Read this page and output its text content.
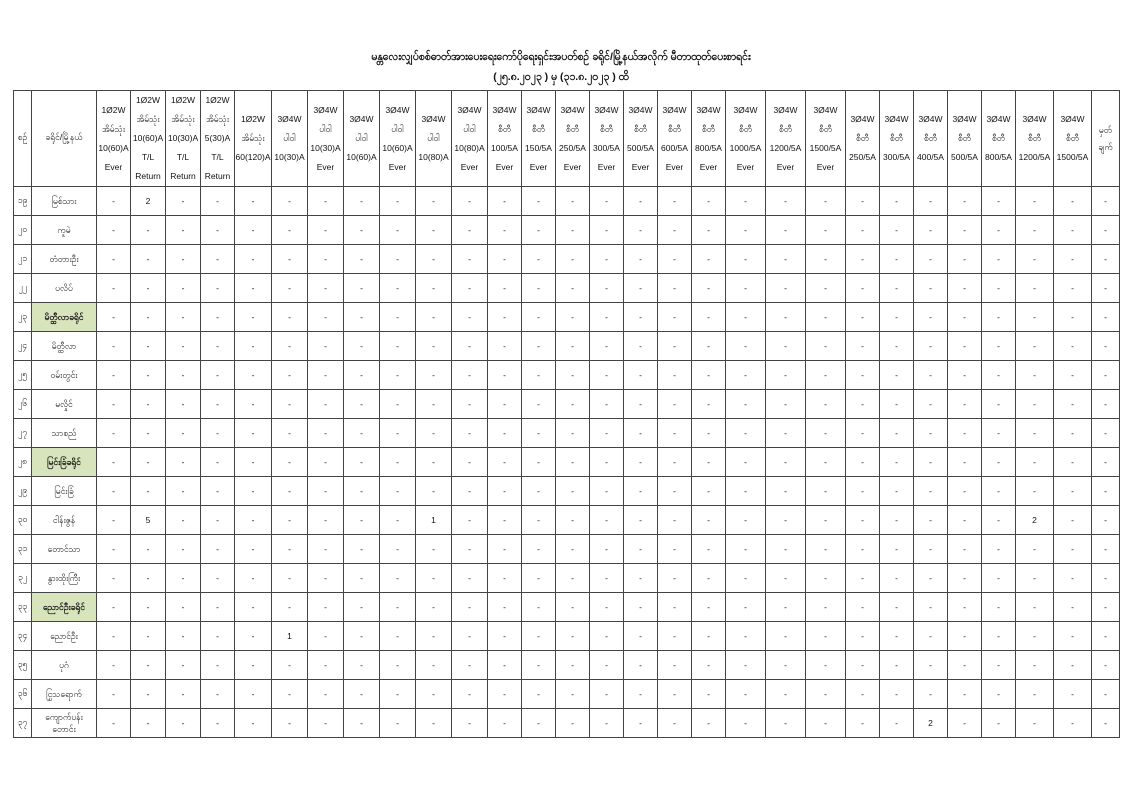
မန္တလေးလျှပ်စစ်ဓာတ်အားပေးရေးကော်ပိုရေးရှင်းအပတ်စဉ် ခရိုင်/မြို့နယ်အလိုက် မီတာထုတ်ပေးစာရင်း
(၂၅.၈.၂၀၂၃ ) မှ (၃၁.၈.၂၀၂၃ ) ထိ
စဉ်	ခရိုင်/မြို့နယ်	1Ø2W
အိမ်သုံး
10(60)A
Ever	1Ø2W
အိမ်သုံး
10(60)A
T/L
Return	1Ø2W
အိမ်သုံး
10(30)A
T/L
Return	1Ø2W
အိမ်သုံး
5(30)A
T/L
Return	1Ø2W
အိမ်သုံး
60(120)A	3Ø4W
ပါဝါ
10(30)A	3Ø4W
ပါဝါ
10(30)A
Ever	3Ø4W
ပါဝါ
10(60)A	3Ø4W
ပါဝါ
10(60)A
Ever	3Ø4W
ပါဝါ
10(80)A	3Ø4W
ပါဝါ
10(80)A
Ever	3Ø4W
စီတီ
100/5A
Ever	3Ø4W
စီတီ
150/5A
Ever	3Ø4W
စီတီ
250/5A
Ever	3Ø4W
စီတီ
300/5A
Ever	3Ø4W
စီတီ
500/5A
Ever	3Ø4W
စီတီ
600/5A
Ever	3Ø4W
စီတီ
800/5A
Ever	3Ø4W
စီတီ
1000/5A
Ever	3Ø4W
စီတီ
1200/5A
Ever	3Ø4W
စီတီ
1500/5A
Ever	3Ø4W
စီတီ
250/5A	3Ø4W
စီတီ
300/5A	3Ø4W
စီတီ
400/5A	3Ø4W
စီတီ
500/5A	3Ø4W
စီတီ
800/5A	3Ø4W
စီတီ
1200/5A	3Ø4W
စီတီ
1500/5A	မှတ် ချက်	
၁၉	မြစ်သား	-	2	-	-	-	-	-	-	-	-	-	-	-	-	-	-	-	-	-	-	-	-	-	-	-	-	-	-	-	
၂၀	ကူမဲ	-	-	-	-	-	-	-	-	-	-	-	-	-	-	-	-	-	-	-	-	-	-	-	-	-	-	-	-	-	
၂၁	တံတားဦး	-	-	-	-	-	-	-	-	-	-	-	-	-	-	-	-	-	-	-	-	-	-	-	-	-	-	-	-	-	
၂၂	ပလိပ်	-	-	-	-	-	-	-	-	-	-	-	-	-	-	-	-	-	-	-	-	-	-	-	-	-	-	-	-	-	
၂၃	မိတ္ထီလာခရိုင်	-	-	-	-	-	-	-	-	-	-	-	-	-	-	-	-	-	-	-	-	-	-	-	-	-	-	-	-	-	
၂၄	မိတ္ထီလာ	-	-	-	-	-	-	-	-	-	-	-	-	-	-	-	-	-	-	-	-	-	-	-	-	-	-	-	-	-	
၂၅	ဝမ်းတွင်း	-	-	-	-	-	-	-	-	-	-	-	-	-	-	-	-	-	-	-	-	-	-	-	-	-	-	-	-	-	
၂၆	မလှိုင်	-	-	-	-	-	-	-	-	-	-	-	-	-	-	-	-	-	-	-	-	-	-	-	-	-	-	-	-	-	
၂၇	သာစည်	-	-	-	-	-	-	-	-	-	-	-	-	-	-	-	-	-	-	-	-	-	-	-	-	-	-	-	-	-	
၂၈	မြင်းခြံခရိုင်	-	-	-	-	-	-	-	-	-	-	-	-	-	-	-	-	-	-	-	-	-	-	-	-	-	-	-	-	-	
၂၉	မြင်းခြံ	-	-	-	-	-	-	-	-	-	-	-	-	-	-	-	-	-	-	-	-	-	-	-	-	-	-	-	-	-	
၃၀	ငါန်းဇွန်	-	5	-	-	-	-	-	-	-	1	-	-	-	-	-	-	-	-	-	-	-	-	-	-	-	-	2	-	-	
၃၁	တောင်သာ	-	-	-	-	-	-	-	-	-	-	-	-	-	-	-	-	-	-	-	-	-	-	-	-	-	-	-	-	-	
၃၂	နွားထိုးကြီး	-	-	-	-	-	-	-	-	-	-	-	-	-	-	-	-	-	-	-	-	-	-	-	-	-	-	-	-	-	
၃၃	ညောင်ဦးခရိုင်	-	-	-	-	-	-	-	-	-	-	-	-	-	-	-	-	-	-	-	-	-	-	-	-	-	-	-	-	-	
၃၄	ညောင်ဦး	-	-	-	-	-	1	-	-	-	-	-	-	-	-	-	-	-	-	-	-	-	-	-	-	-	-	-	-	-	
၃၅	ပုဂံ	-	-	-	-	-	-	-	-	-	-	-	-	-	-	-	-	-	-	-	-	-	-	-	-	-	-	-	-	-	
၃၆	ငြှသရောက်	-	-	-	-	-	-	-	-	-	-	-	-	-	-	-	-	-	-	-	-	-	-	-	-	-	-	-	-	-	
၃၇	ကျောက်ပန်း
တောင်း	-	-	-	-	-	-	-	-	-	-	-	-	-	-	-	-	-	-	-	-	-	-	-	2	-	-	-	-	-	
